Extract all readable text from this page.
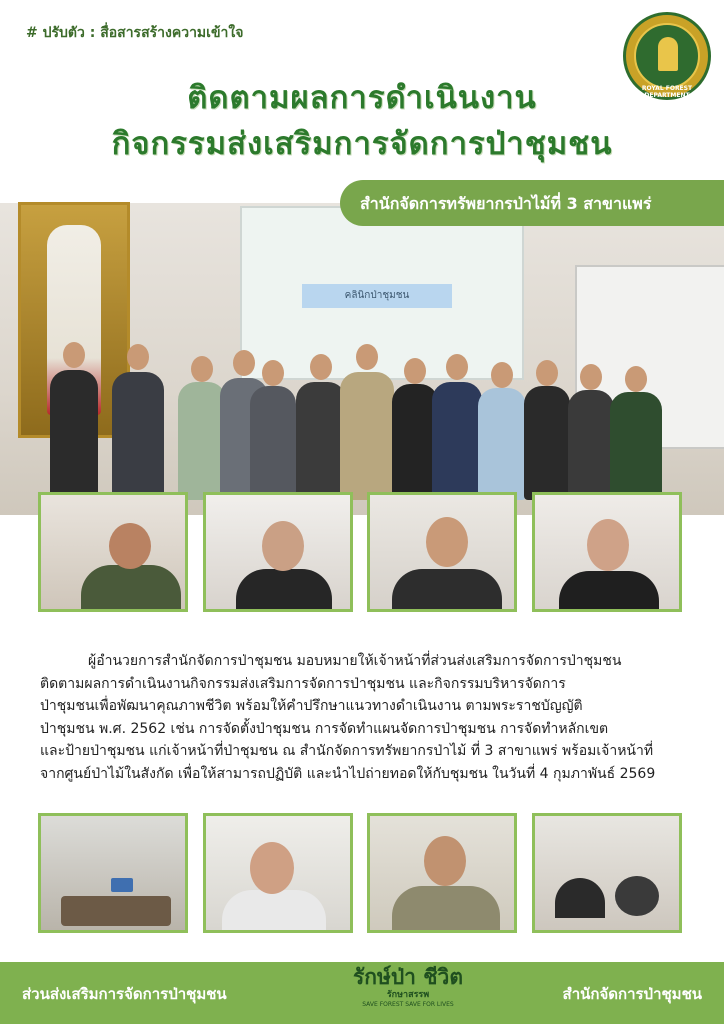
# ปรับตัว : สื่อสารสร้างความเข้าใจ
ROYAL FOREST DEPARTMENT
ติดตามผลการดำเนินงาน
กิจกรรมส่งเสริมการจัดการป่าชุมชน
คลินิกป่าชุมชน
สำนักจัดการทรัพยากรป่าไม้ที่ 3 สาขาแพร่
ผู้อำนวยการสำนักจัดการป่าชุมชน มอบหมายให้เจ้าหน้าที่ส่วนส่งเสริมการจัดการป่าชุมชน
ติดตามผลการดำเนินงานกิจกรรมส่งเสริมการจัดการป่าชุมชน และกิจกรรมบริหารจัดการ
ป่าชุมชนเพื่อพัฒนาคุณภาพชีวิต พร้อมให้คำปรึกษาแนวทางดำเนินงาน ตามพระราชบัญญัติ
ป่าชุมชน พ.ศ. 2562 เช่น การจัดตั้งป่าชุมชน การจัดทำแผนจัดการป่าชุมชน การจัดทำหลักเขต
และป้ายป่าชุมชน แก่เจ้าหน้าที่ป่าชุมชน ณ สำนักจัดการทรัพยากรป่าไม้ ที่ 3 สาขาแพร่ พร้อมเจ้าหน้าที่
จากศูนย์ป่าไม้ในสังกัด เพื่อให้สามารถปฏิบัติ และนำไปถ่ายทอดให้กับชุมชน ในวันที่ 4 กุมภาพันธ์ 2569
ส่วนส่งเสริมการจัดการป่าชุมชน
รักษ์ป่า ชีวิต
รักษาสรรพ
SAVE FOREST SAVE FOR LIVES
สำนักจัดการป่าชุมชน
